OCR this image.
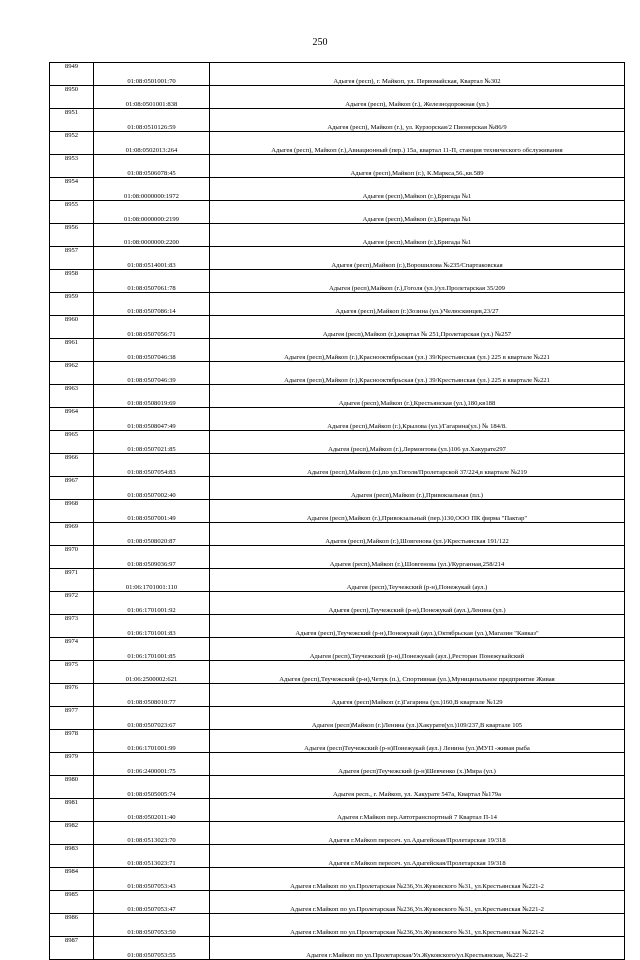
250
8949	01:08:0501001:70	Адыгея (респ), г. Майкоп, ул. Первомайская, Квартал №302
8950	01:08:0501001:838	Адыгея (респ), Майкоп (г.), Железнодорожная (ул.)
8951	01:08:0510126:59	Адыгея (респ), Майкоп (г.), ул. Курзорская/2 Пионерская №86/9
8952	01:08:0502013:264	Адыгея (респ), Майкоп (г.),Авиационный (пер.) 15а, квартал 11-П, станция технического обслуживания
8953	01:08:0506078:45	Адыгея (респ),Майкоп (г.), К.Маркса,56.,кв.589
8954	01:08:0000000:1972	Адыгея (респ),Майкоп (г.),Бригада №1
8955	01:08:0000000:2199	Адыгея (респ),Майкоп (г.),Бригада №1
8956	01:08:0000000:2200	Адыгея (респ),Майкоп (г.),Бригада №1
8957	01:08:0514001:83	Адыгея (респ),Майкоп (г.),Ворошилова №235/Спартаковская
8958	01:08:0507061:78	Адыгея (респ),Майкоп (г.),Гоголя (ул.)/ул.Пролетарская 35/209
8959	01:08:0507086:14	Адыгея (респ),Майкоп (г.)Зозина (ул.)/Челюскинцев,23/27
8960	01:08:0507056:71	Адыгея (респ),Майкоп (г.),квартал № 251,Пролетарская (ул.) №257
8961	01:08:0507046:38	Адыгея (респ),Майкоп (г.),Краснооктябрьская (ул.) 39/Крестьянская (ул.) 225 в квартале №221
8962	01:08:0507046:39	Адыгея (респ),Майкоп (г.),Краснооктябрьская (ул.) 39/Крестьянская (ул.) 225 в квартале №221
8963	01:08:0508019:69	Адыгея (респ),Майкоп (г.),Крестьянская (ул.),180,кв188
8964	01:08:0508047:49	Адыгея (респ),Майкоп (г.),Крылова (ул.)/Гагарина(ул.) № 184/8.
8965	01:08:0507021:85	Адыгея (респ),Майкоп (г.),Лермонтова (ул.)106 ул.Хакурате297
8966	01:08:0507054:83	Адыгея (респ),Майкоп (г.),по ул.Гоголя/Пролетарской 37/224,в квартале №219
8967	01:08:0507002:40	Адыгея (респ),Майкоп (г.),Привокзальная (пл.)
8968	01:08:0507001:49	Адыгея (респ),Майкоп (г.),Привокзальный (пер.)130,ООО ПК фирма "Пактар"
8969	01:08:0508020:87	Адыгея (респ),Майкоп (г.),Шовгенова (ул.)/Крестьянская 191/122
8970	01:08:0509036:97	Адыгея (респ),Майкоп (г.),Шовгенова (ул.)/Курганная,258/214
8971	01:06:1701001:110	Адыгея (респ),Теучежский (р-н),Понежукай (аул.)
8972	01:06:1701001:92	Адыгея (респ),Теучежский (р-н),Понежукай (аул.),Ленина (ул.)
8973	01:06:1701001:83	Адыгея (респ),Теучежский (р-н),Понежукай (аул.),Октябрьская (ул.),Магазин "Кавказ"
8974	01:06:1701001:85	Адыгея (респ),Теучежский (р-н),Понежукай (аул.),Ресторан Понежукайский
8975	01:06:2500002:621	Адыгея (респ),Теучежский (р-н),Четук (п.), Спортивная (ул.),Муниципальное предприятие Живая
8976	01:08:0508010:77	Адыгея (респ)Майкоп (г.)Гагарина (ул.)160,В квартале №129
8977	01:08:0507023:67	Адыгея (респ)Майкоп (г.)Ленина (ул.)Хакурате(ул.)109/237,В квартале 105
8978	01:06:1701001:99	Адыгея (респ)Теучежский (р-н)Понежукай (аул.) Ленина (ул.)МУП -живая рыба
8979	01:06:2400001:75	Адыгея (респ)Теучежский (р-н)Шевченко (х.)Мира (ул.)
8980	01:08:0505005:74	Адыгея респ., г. Майкоп, ул. Хакурате 547а, Квартал №179а
8981	01:08:0502011:40	Адыгея г.Майкоп пер.Автотранспортный 7 Квартал П-14
8982	01:08:0513023:70	Адыгея г.Майкоп пересеч. ул.Адыгейская/Пролетарская 19/318
8983	01:08:0513023:71	Адыгея г.Майкоп пересеч. ул.Адыгейская/Пролетарская 19/318
8984	01:08:0507053:43	Адыгея г.Майкоп по ул.Пролетарская №236,Ул.Жуковского №31, ул.Крестьянская №221-2
8985	01:08:0507053:47	Адыгея г.Майкоп по ул.Пролетарская №236,Ул.Жуковского №31, ул.Крестьянская №221-2
8986	01:08:0507053:50	Адыгея г.Майкоп по ул.Пролетарская №236,Ул.Жуковского №31, ул.Крестьянская №221-2
8987	01:08:0507053:55	Адыгея г.Майкоп по ул.Пролетарская/Ул.Жуковского/ул.Крестьянская, №221-2
